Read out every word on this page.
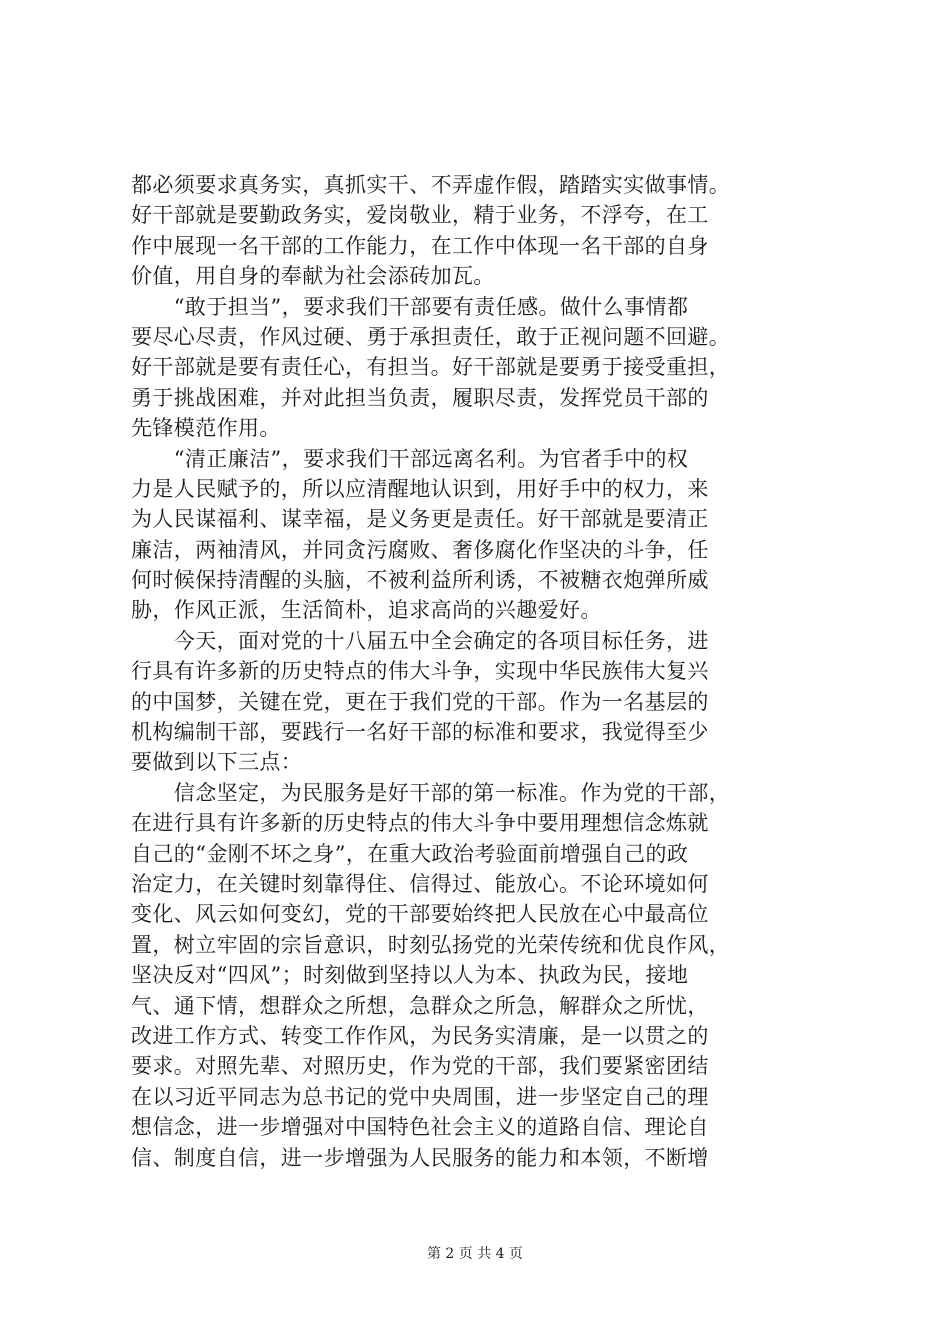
都必须要求真务实，真抓实干、不弄虚作假，踏踏实实做事情。
好干部就是要勤政务实，爱岗敬业，精于业务，不浮夸，在工
作中展现一名干部的工作能力，在工作中体现一名干部的自身
价值，用自身的奉献为社会添砖加瓦。
　　“敢于担当”，要求我们干部要有责任感。做什么事情都
要尽心尽责，作风过硬、勇于承担责任，敢于正视问题不回避。
好干部就是要有责任心，有担当。好干部就是要勇于接受重担，
勇于挑战困难，并对此担当负责，履职尽责，发挥党员干部的
先锋模范作用。
　　“清正廉洁”，要求我们干部远离名利。为官者手中的权
力是人民赋予的，所以应清醒地认识到，用好手中的权力，来
为人民谋福利、谋幸福，是义务更是责任。好干部就是要清正
廉洁，两袖清风，并同贪污腐败、奢侈腐化作坚决的斗争，任
何时候保持清醒的头脑，不被利益所利诱，不被糖衣炮弹所威
胁，作风正派，生活简朴，追求高尚的兴趣爱好。
　　今天，面对党的十八届五中全会确定的各项目标任务，进
行具有许多新的历史特点的伟大斗争，实现中华民族伟大复兴
的中国梦，关键在党，更在于我们党的干部。作为一名基层的
机构编制干部，要践行一名好干部的标准和要求，我觉得至少
要做到以下三点：
　　信念坚定，为民服务是好干部的第一标准。作为党的干部，
在进行具有许多新的历史特点的伟大斗争中要用理想信念炼就
自己的“金刚不坏之身”，在重大政治考验面前增强自己的政
治定力，在关键时刻靠得住、信得过、能放心。不论环境如何
变化、风云如何变幻，党的干部要始终把人民放在心中最高位
置，树立牢固的宗旨意识，时刻弘扬党的光荣传统和优良作风，
坚决反对“四风”；时刻做到坚持以人为本、执政为民，接地
气、通下情，想群众之所想，急群众之所急，解群众之所忧，
改进工作方式、转变工作作风，为民务实清廉，是一以贯之的
要求。对照先辈、对照历史，作为党的干部，我们要紧密团结
在以习近平同志为总书记的党中央周围，进一步坚定自己的理
想信念，进一步增强对中国特色社会主义的道路自信、理论自
信、制度自信，进一步增强为人民服务的能力和本领，不断增
第 2 页 共 4 页
